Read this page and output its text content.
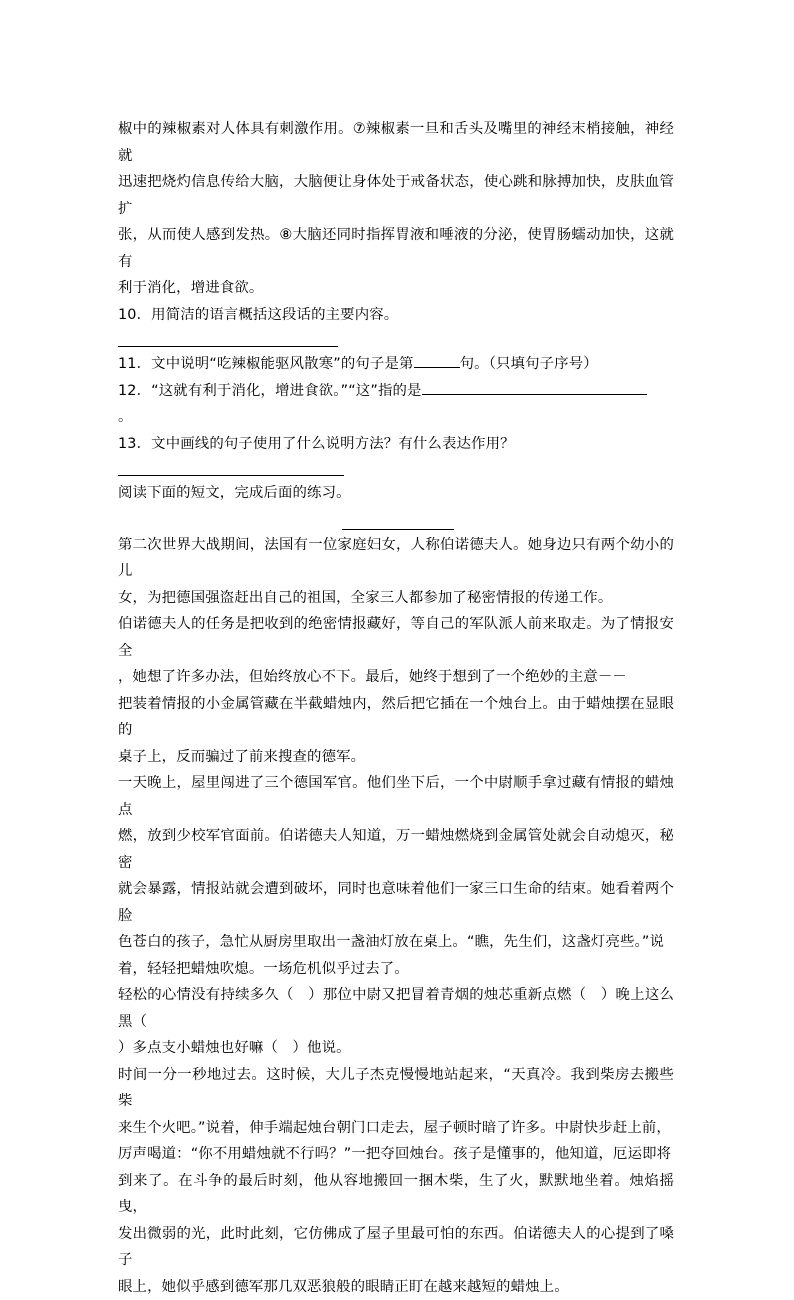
椒中的辣椒素对人体具有刺激作用。⑦辣椒素一旦和舌头及嘴里的神经末梢接触，神经就

迅速把烧灼信息传给大脑，大脑便让身体处于戒备状态，使心跳和脉搏加快，皮肤血管扩

张，从而使人感到发热。⑧大脑还同时指挥胃液和唾液的分泌，使胃肠蠕动加快，这就有

利于消化，增进食欲。

10．用简洁的语言概括这段话的主要内容。

11．文中说明“吃辣椒能驱风散寒”的句子是第	句。（只填句子序号）

12．“这就有利于消化，增进食欲。”“这”指的是

。

13．文中画线的句子使用了什么说明方法？有什么表达作用？

阅读下面的短文，完成后面的练习。

第二次世界大战期间，法国有一位家庭妇女，人称伯诺德夫人。她身边只有两个幼小的儿

女，为把德国强盗赶出自己的祖国，全家三人都参加了秘密情报的传递工作。

伯诺德夫人的任务是把收到的绝密情报藏好，等自己的军队派人前来取走。为了情报安全

，她想了许多办法，但始终放心不下。最后，她终于想到了一个绝妙的主意－－

把装着情报的小金属管藏在半截蜡烛内，然后把它插在一个烛台上。由于蜡烛摆在显眼的

桌子上，反而骗过了前来搜查的德军。

一天晚上，屋里闯进了三个德国军官。他们坐下后，一个中尉顺手拿过藏有情报的蜡烛点

燃，放到少校军官面前。伯诺德夫人知道，万一蜡烛燃烧到金属管处就会自动熄灭，秘密

就会暴露，情报站就会遭到破坏，同时也意味着他们一家三口生命的结束。她看着两个脸

色苍白的孩子，急忙从厨房里取出一盏油灯放在桌上。“瞧，先生们，这盏灯亮些。”说

着，轻轻把蜡烛吹熄。一场危机似乎过去了。

轻松的心情没有持续多久（　）那位中尉又把冒着青烟的烛芯重新点燃（　）晚上这么黑（

）多点支小蜡烛也好嘛（　）他说。

时间一分一秒地过去。这时候，大儿子杰克慢慢地站起来，“天真冷。我到柴房去搬些柴

来生个火吧。”说着，伸手端起烛台朝门口走去，屋子顿时暗了许多。中尉快步赶上前，

厉声喝道：“你不用蜡烛就不行吗？”一把夺回烛台。孩子是懂事的，他知道，厄运即将

到来了。在斗争的最后时刻，他从容地搬回一捆木柴，生了火，默默地坐着。烛焰摇曳，

发出微弱的光，此时此刻，它仿佛成了屋子里最可怕的东西。伯诺德夫人的心提到了嗓子

眼上，她似乎感到德军那几双恶狼般的眼睛正盯在越来越短的蜡烛上。
